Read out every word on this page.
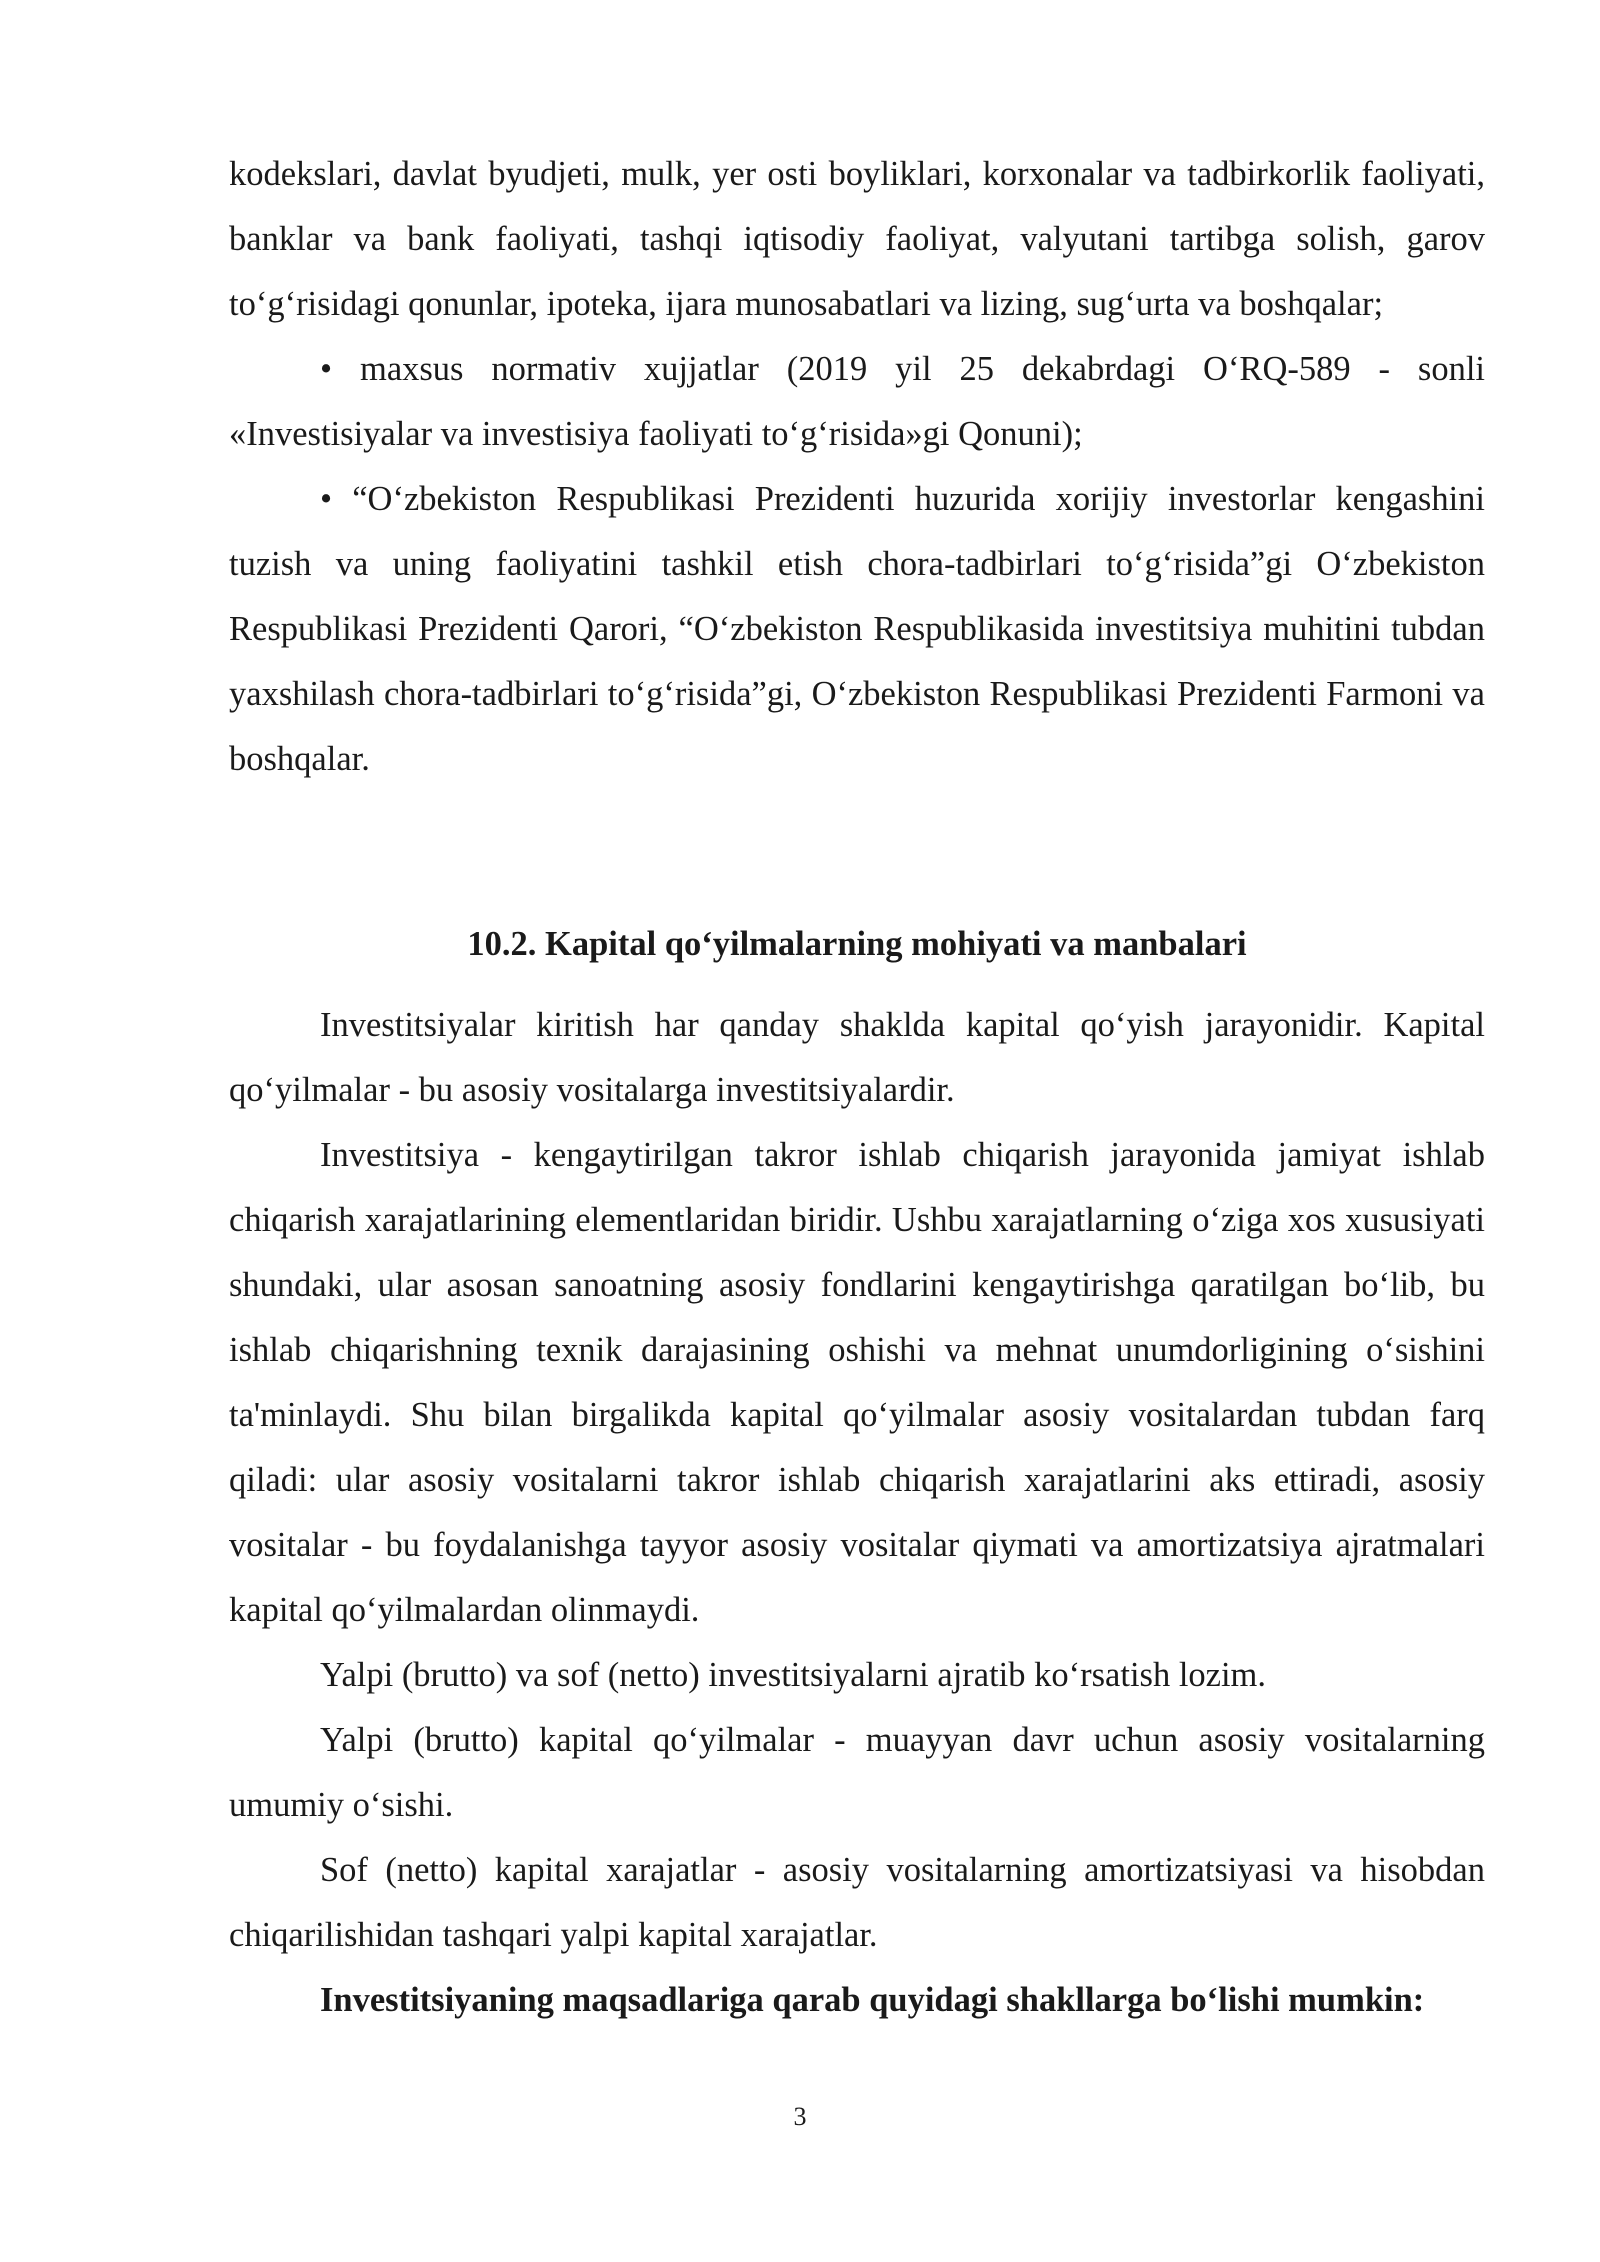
kodekslari, davlat byudjeti, mulk, yer osti boyliklari, korxonalar va tadbirkorlik faoliyati, banklar va bank faoliyati, tashqi iqtisodiy faoliyat, valyutani tartibga solish, garov to‘g‘risidagi qonunlar, ipoteka, ijara munosabatlari va lizing, sug‘urta va boshqalar;

• maxsus normativ xujjatlar (2019 yil 25 dekabrdagi O‘RQ-589 - sonli «Investisiyalar va investisiya faoliyati to‘g‘risida»gi Qonuni);

• “O‘zbekiston Respublikasi Prezidenti huzurida xorijiy investorlar kengashini tuzish va uning faoliyatini tashkil etish chora-tadbirlari to‘g‘risida”gi O‘zbekiston Respublikasi Prezidenti Qarori, “O‘zbekiston Respublikasida investitsiya muhitini tubdan yaxshilash chora-tadbirlari to‘g‘risida”gi, O‘zbekiston Respublikasi Prezidenti Farmoni va boshqalar.

10.2. Kapital qo‘yilmalarning mohiyati va manbalari

Investitsiyalar kiritish har qanday shaklda kapital qo‘yish jarayonidir. Kapital qo‘yilmalar - bu asosiy vositalarga investitsiyalardir.

Investitsiya - kengaytirilgan takror ishlab chiqarish jarayonida jamiyat ishlab chiqarish xarajatlarining elementlaridan biridir. Ushbu xarajatlarning o‘ziga xos xususiyati shundaki, ular asosan sanoatning asosiy fondlarini kengaytirishga qaratilgan bo‘lib, bu ishlab chiqarishning texnik darajasining oshishi va mehnat unumdorligining o‘sishini ta'minlaydi. Shu bilan birgalikda kapital qo‘yilmalar asosiy vositalardan tubdan farq qiladi: ular asosiy vositalarni takror ishlab chiqarish xarajatlarini aks ettiradi, asosiy vositalar - bu foydalanishga tayyor asosiy vositalar qiymati va amortizatsiya ajratmalari kapital qo‘yilmalardan olinmaydi.

Yalpi (brutto) va sof (netto) investitsiyalarni ajratib ko‘rsatish lozim.

Yalpi (brutto) kapital qo‘yilmalar - muayyan davr uchun asosiy vositalarning umumiy o‘sishi.

Sof (netto) kapital xarajatlar - asosiy vositalarning amortizatsiyasi va hisobdan chiqarilishidan tashqari yalpi kapital xarajatlar.

Investitsiyaning maqsadlariga qarab quyidagi shakllarga bo‘lishi mumkin:

3
